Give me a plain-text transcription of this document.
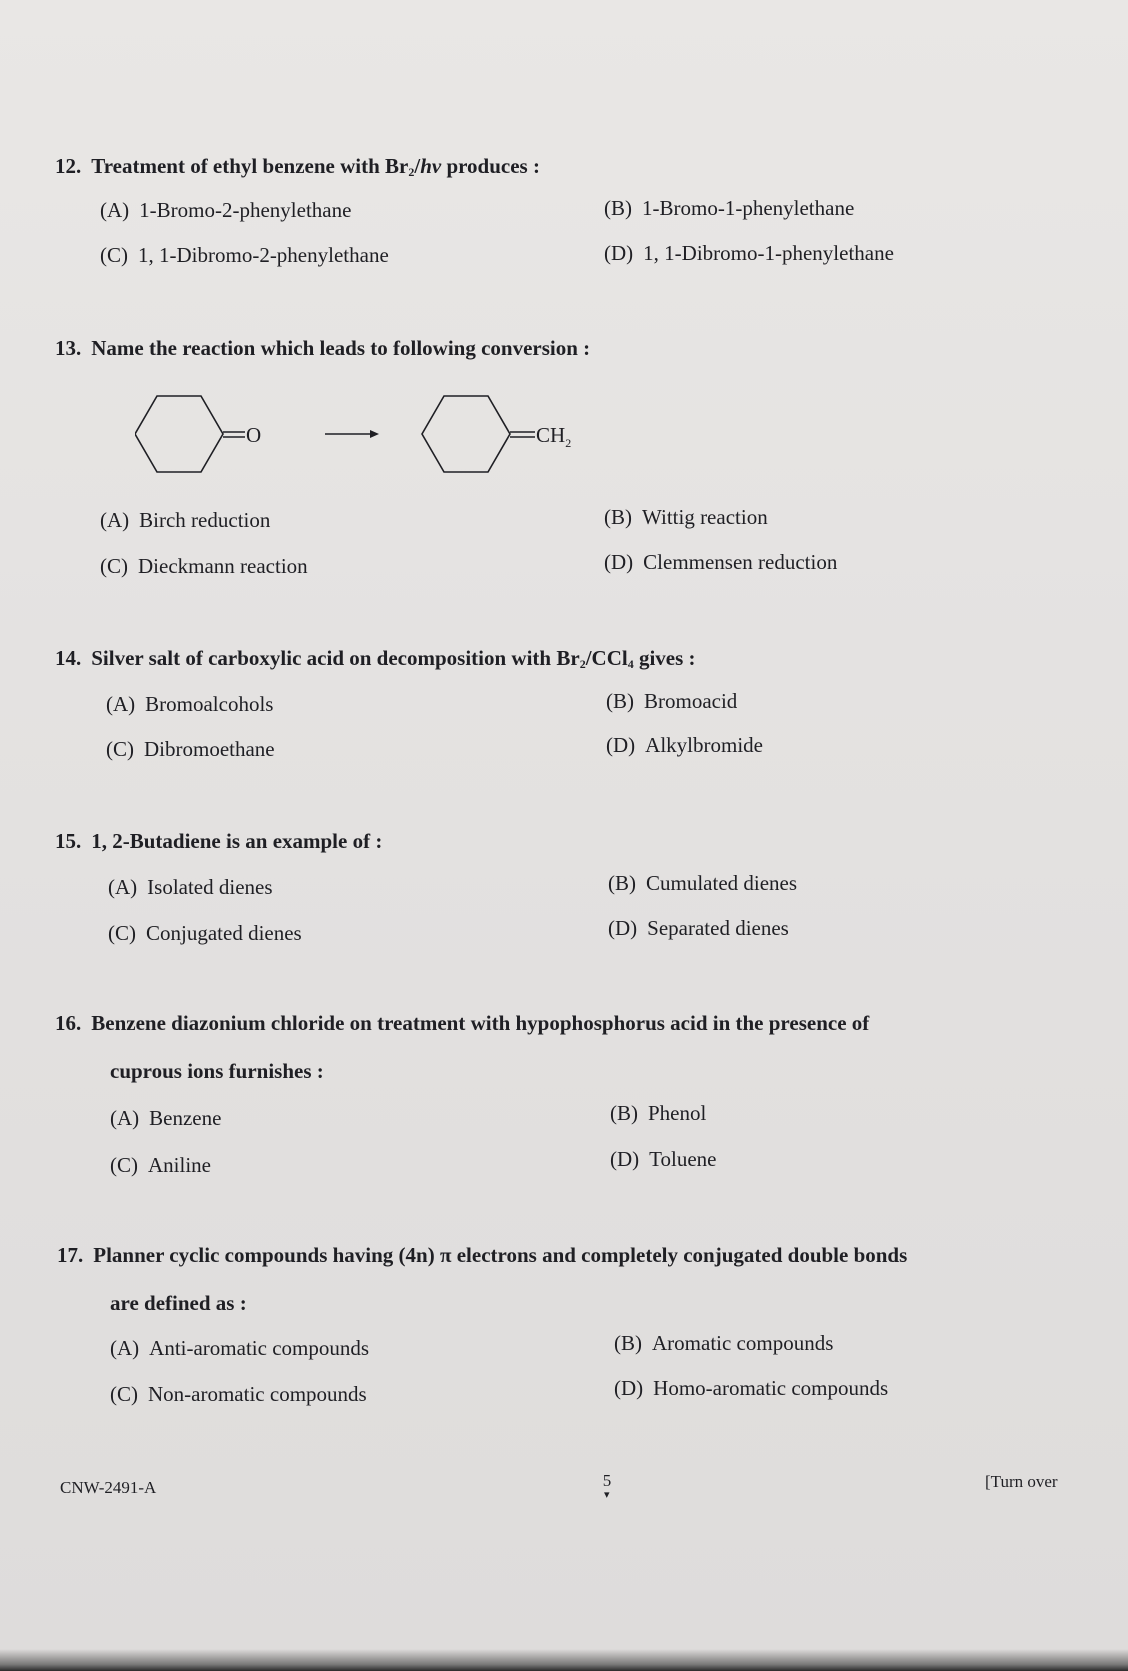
12. Treatment of ethyl benzene with $Br_2/hv$ produces :
(A) 1-Bromo-2-phenylethane	(B) 1-Bromo-1-phenylethane
(C) 1, 1-Dibromo-2-phenylethane	(D) 1, 1-Dibromo-1-phenylethane
13. Name the reaction which leads to following conversion :
O	$CH_2$
(A) Birch reduction	(B) Wittig reaction
(C) Dieckmann reaction	(D) Clemmensen reduction
14. Silver salt of carboxylic acid on decomposition with $Br_2/CCl_4$ gives :
(A) Bromoalcohols	(B) Bromoacid
(C) Dibromoethane	(D) Alkylbromide
15. 1, 2-Butadiene is an example of :
(A) Isolated dienes	(B) Cumulated dienes
(C) Conjugated dienes	(D) Separated dienes
16. Benzene diazonium chloride on treatment with hypophosphorus acid in the presence of
cuprous ions furnishes :
(A) Benzene	(B) Phenol
(C) Aniline	(D) Toluene
17. Planner cyclic compounds having (4n) π electrons and completely conjugated double bonds
are defined as :
(A) Anti-aromatic compounds	(B) Aromatic compounds
(C) Non-aromatic compounds	(D) Homo-aromatic compounds
CNW-2491-A	5
▾
[Turn over
